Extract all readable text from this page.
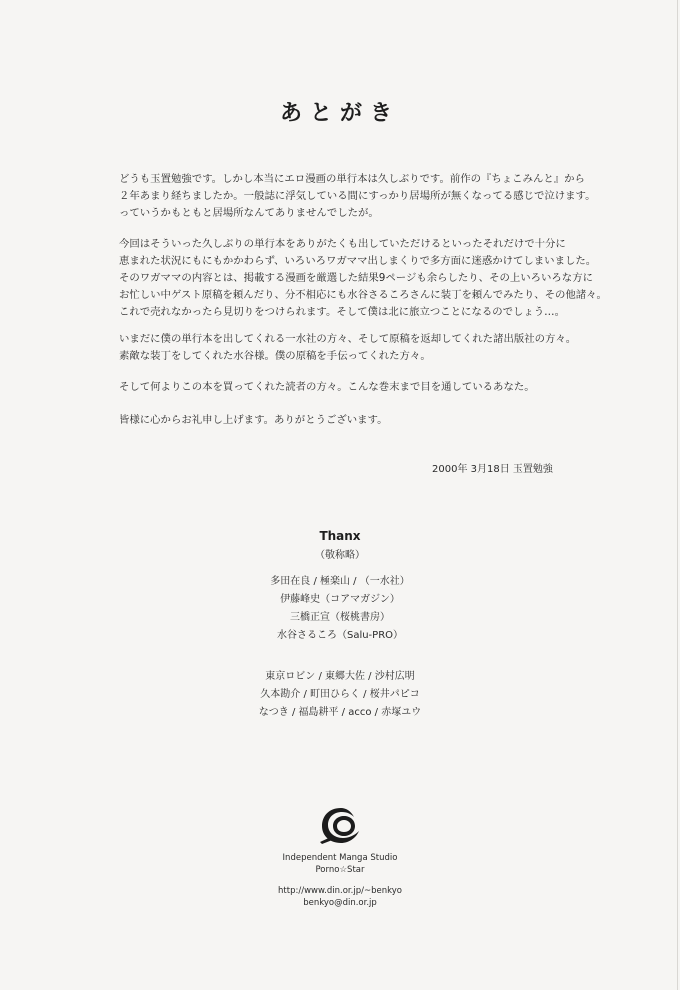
あとがき
どうも玉置勉強です。しかし本当にエロ漫画の単行本は久しぶりです。前作の『ちょこみんと』から
２年あまり経ちましたか。一般誌に浮気している間にすっかり居場所が無くなってる感じで泣けます。
っていうかもともと居場所なんてありませんでしたが。
今回はそういった久しぶりの単行本をありがたくも出していただけるといったそれだけで十分に
恵まれた状況にもにもかかわらず、いろいろワガママ出しまくりで多方面に迷惑かけてしまいました。
そのワガママの内容とは、掲載する漫画を厳選した結果9ページも余らしたり、その上いろいろな方に
お忙しい中ゲスト原稿を頼んだり、分不相応にも水谷さるころさんに装丁を頼んでみたり、その他諸々。
これで売れなかったら見切りをつけられます。そして僕は北に旅立つことになるのでしょう…。
いまだに僕の単行本を出してくれる一水社の方々、そして原稿を返却してくれた諸出版社の方々。
素敵な装丁をしてくれた水谷様。僕の原稿を手伝ってくれた方々。
そして何よりこの本を買ってくれた読者の方々。こんな巻末まで目を通しているあなた。
皆様に心からお礼申し上げます。ありがとうございます。
2000年 3月18日 玉置勉強
Thanx
（敬称略）
多田在良 / 極楽山 / （一水社）
伊藤峰史（コアマガジン）
三橋正宣（桜桃書房）
水谷さるころ（Salu-PRO）
東京ロビン / 東郷大佐 / 沙村広明
久本勘介 / 町田ひらく / 桜井パピコ
なつき / 福島耕平 / acco / 赤塚ユウ
Independent Manga Studio
Porno☆Star
http://www.din.or.jp/~benkyo
benkyo@din.or.jp
